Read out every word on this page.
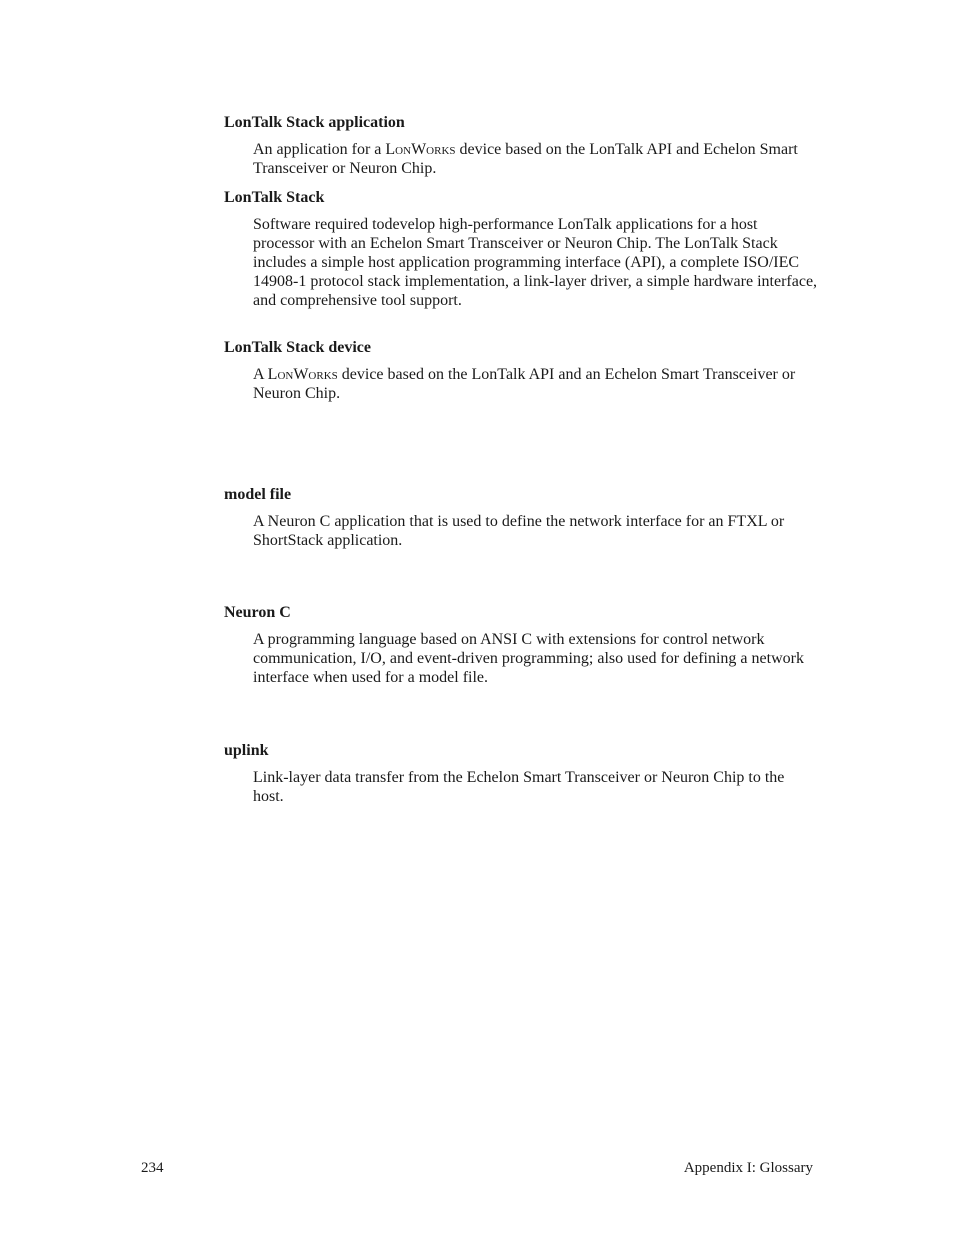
LonTalk Stack application

An application for a LonWorks device based on the LonTalk API and Echelon Smart Transceiver or Neuron Chip.

LonTalk Stack

Software required todevelop high-performance LonTalk applications for a host processor with an Echelon Smart Transceiver or Neuron Chip. The LonTalk Stack includes a simple host application programming interface (API), a complete ISO/IEC 14908-1 protocol stack implementation, a link-layer driver, a simple hardware interface, and comprehensive tool support.

LonTalk Stack device

A LonWorks device based on the LonTalk API and an Echelon Smart Transceiver or Neuron Chip.

model file

A Neuron C application that is used to define the network interface for an FTXL or ShortStack application.

Neuron C

A programming language based on ANSI C with extensions for control network communication, I/O, and event-driven programming; also used for defining a network interface when used for a model file.

uplink

Link-layer data transfer from the Echelon Smart Transceiver or Neuron Chip to the host.

234	Appendix I: Glossary
